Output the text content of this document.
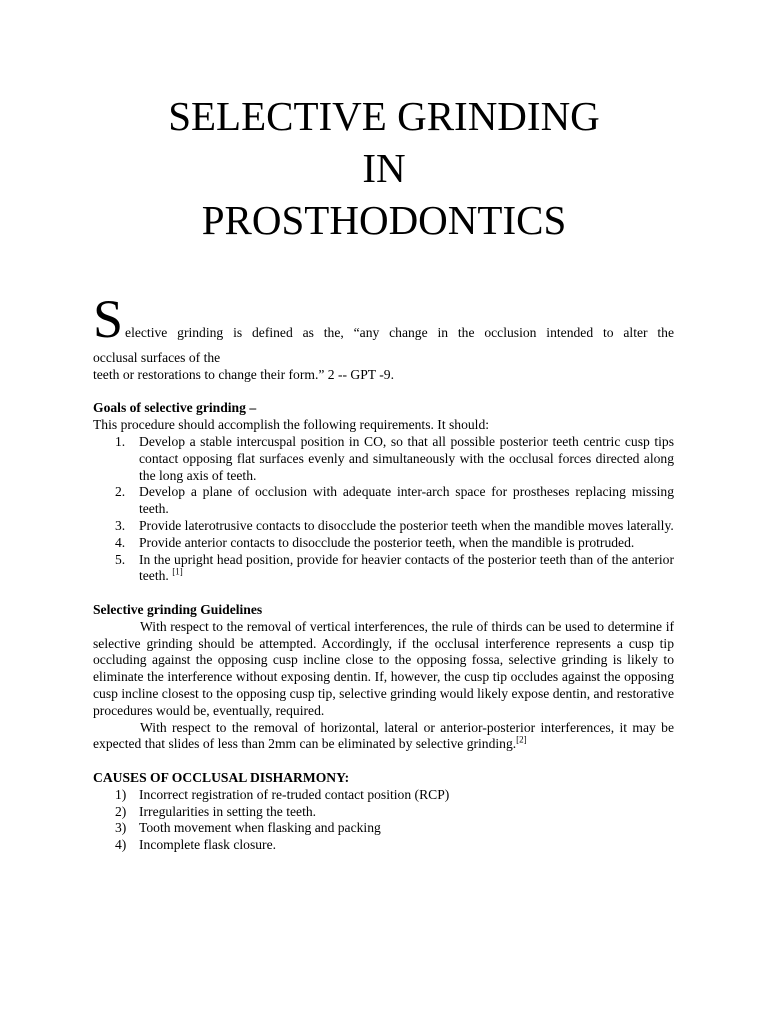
SELECTIVE GRINDING
IN
PROSTHODONTICS
S elective grinding is defined as the, “any change in the occlusion intended to alter the
occlusal surfaces of the
teeth or restorations to change their form.” 2 -- GPT -9.
Goals of selective grinding –
This procedure should accomplish the following requirements. It should:
1. Develop a stable intercuspal position in CO, so that all possible posterior teeth centric cusp tips contact opposing flat surfaces evenly and simultaneously with the occlusal forces directed along the long axis of teeth.
2. Develop a plane of occlusion with adequate inter-arch space for prostheses replacing missing teeth.
3. Provide laterotrusive contacts to disocclude the posterior teeth when the mandible moves laterally.
4. Provide anterior contacts to disocclude the posterior teeth, when the mandible is protruded.
5. In the upright head position, provide for heavier contacts of the posterior teeth than of the anterior teeth. [1]
Selective grinding Guidelines
With respect to the removal of vertical interferences, the rule of thirds can be used to determine if selective grinding should be attempted. Accordingly, if the occlusal interference represents a cusp tip occluding against the opposing cusp incline close to the opposing fossa, selective grinding is likely to eliminate the interference without exposing dentin. If, however, the cusp tip occludes against the opposing cusp incline closest to the opposing cusp tip, selective grinding would likely expose dentin, and restorative procedures would be, eventually, required.
With respect to the removal of horizontal, lateral or anterior-posterior interferences, it may be expected that slides of less than 2mm can be eliminated by selective grinding.[2]
CAUSES OF OCCLUSAL DISHARMONY:
1) Incorrect registration of re-truded contact position (RCP)
2) Irregularities in setting the teeth.
3) Tooth movement when flasking and packing
4) Incomplete flask closure.
